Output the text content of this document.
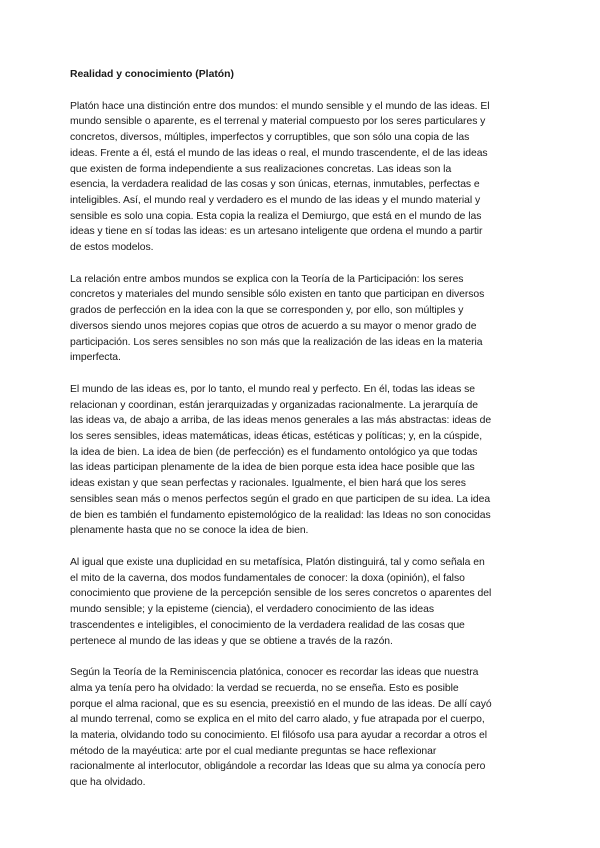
Realidad y conocimiento (Platón)
Platón hace una distinción entre dos mundos: el mundo sensible y el mundo de las ideas. El
mundo sensible o aparente, es el terrenal y material compuesto por los seres particulares y
concretos, diversos, múltiples, imperfectos y corruptibles, que son sólo una copia de las
ideas. Frente a él, está el mundo de las ideas o real, el mundo trascendente, el de las ideas
que existen de forma independiente a sus realizaciones concretas. Las ideas son la
esencia, la verdadera realidad de las cosas y son únicas, eternas, inmutables, perfectas e
inteligibles. Así, el mundo real y verdadero es el mundo de las ideas y el mundo material y
sensible es solo una copia. Esta copia la realiza el Demiurgo, que está en el mundo de las
ideas y tiene en sí todas las ideas: es un artesano inteligente que ordena el mundo a partir
de estos modelos.
La relación entre ambos mundos se explica con la Teoría de la Participación: los seres
concretos y materiales del mundo sensible sólo existen en tanto que participan en diversos
grados de perfección en la idea con la que se corresponden y, por ello, son múltiples y
diversos siendo unos mejores copias que otros de acuerdo a su mayor o menor grado de
participación. Los seres sensibles no son más que la realización de las ideas en la materia
imperfecta.
El mundo de las ideas es, por lo tanto, el mundo real y perfecto. En él, todas las ideas se
relacionan y coordinan, están jerarquizadas y organizadas racionalmente. La jerarquía de
las ideas va, de abajo a arriba, de las ideas menos generales a las más abstractas: ideas de
los seres sensibles, ideas matemáticas, ideas éticas, estéticas y políticas; y, en la cúspide,
la idea de bien. La idea de bien (de perfección) es el fundamento ontológico ya que todas
las ideas participan plenamente de la idea de bien porque esta idea hace posible que las
ideas existan y que sean perfectas y racionales. Igualmente, el bien hará que los seres
sensibles sean más o menos perfectos según el grado en que participen de su idea. La idea
de bien es también el fundamento epistemológico de la realidad: las Ideas no son conocidas
plenamente hasta que no se conoce la idea de bien.
Al igual que existe una duplicidad en su metafísica, Platón distinguirá, tal y como señala en
el mito de la caverna, dos modos fundamentales de conocer: la doxa (opinión), el falso
conocimiento que proviene de la percepción sensible de los seres concretos o aparentes del
mundo sensible; y la episteme (ciencia), el verdadero conocimiento de las ideas
trascendentes e inteligibles, el conocimiento de la verdadera realidad de las cosas que
pertenece al mundo de las ideas y que se obtiene a través de la razón.
Según la Teoría de la Reminiscencia platónica, conocer es recordar las ideas que nuestra
alma ya tenía pero ha olvidado: la verdad se recuerda, no se enseña. Esto es posible
porque el alma racional, que es su esencia, preexistió en el mundo de las ideas. De allí cayó
al mundo terrenal, como se explica en el mito del carro alado, y fue atrapada por el cuerpo,
la materia, olvidando todo su conocimiento. El filósofo usa para ayudar a recordar a otros el
método de la mayéutica: arte por el cual mediante preguntas se hace reflexionar
racionalmente al interlocutor, obligándole a recordar las Ideas que su alma ya conocía pero
que ha olvidado.
